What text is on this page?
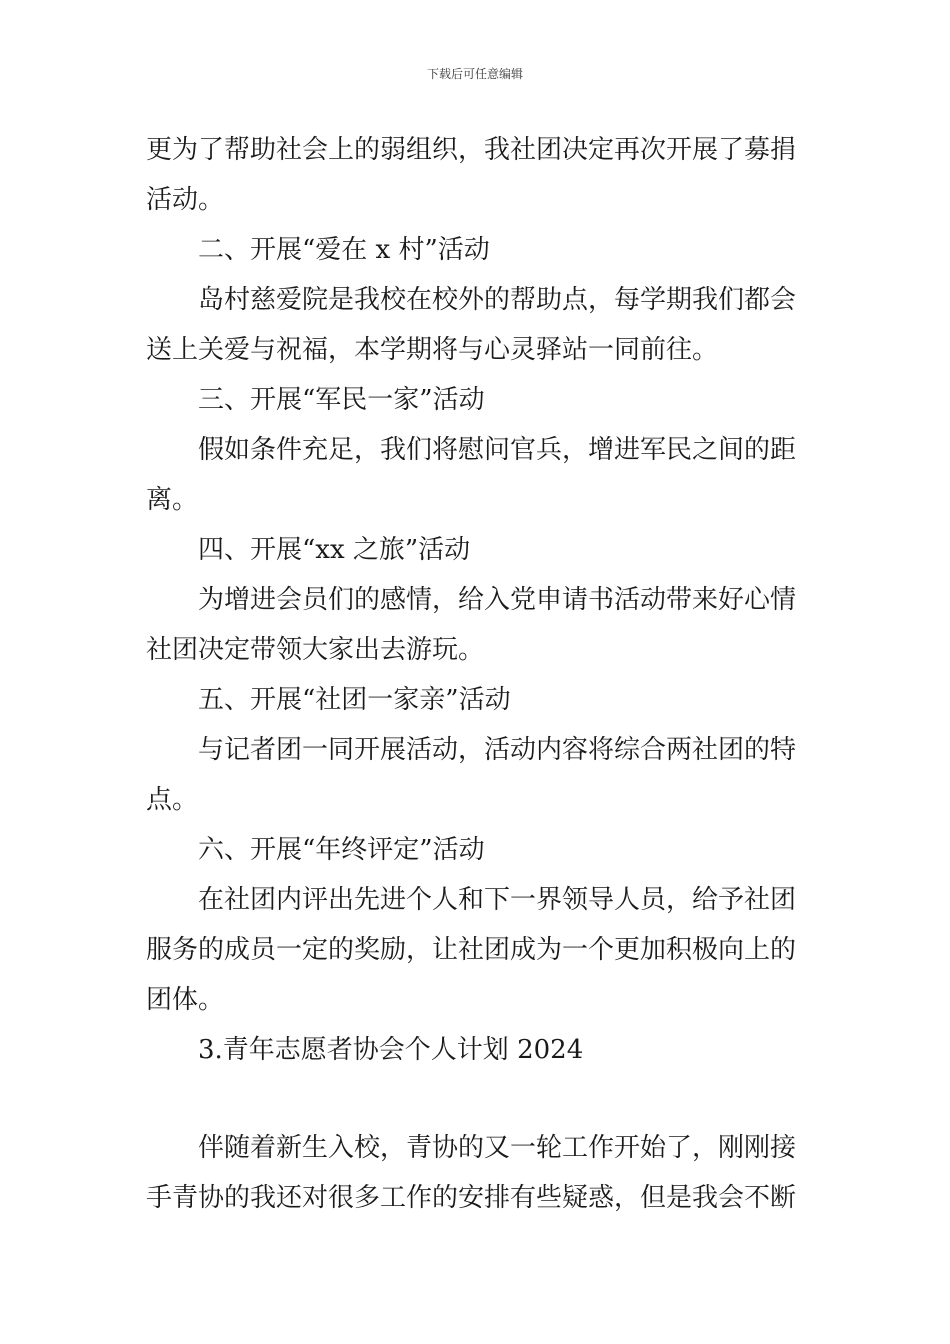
下载后可任意编辑
更为了帮助社会上的弱组织，我社团决定再次开展了募捐
活动。
二、开展“爱在 x 村”活动
岛村慈爱院是我校在校外的帮助点，每学期我们都会
送上关爱与祝福，本学期将与心灵驿站一同前往。
三、开展“军民一家”活动
假如条件充足，我们将慰问官兵，增进军民之间的距
离。
四、开展“xx 之旅”活动
为增进会员们的感情，给入党申请书活动带来好心情
社团决定带领大家出去游玩。
五、开展“社团一家亲”活动
与记者团一同开展活动，活动内容将综合两社团的特
点。
六、开展“年终评定”活动
在社团内评出先进个人和下一界领导人员，给予社团
服务的成员一定的奖励，让社团成为一个更加积极向上的
团体。
3.青年志愿者协会个人计划 2024
伴随着新生入校，青协的又一轮工作开始了，刚刚接
手青协的我还对很多工作的安排有些疑惑，但是我会不断
